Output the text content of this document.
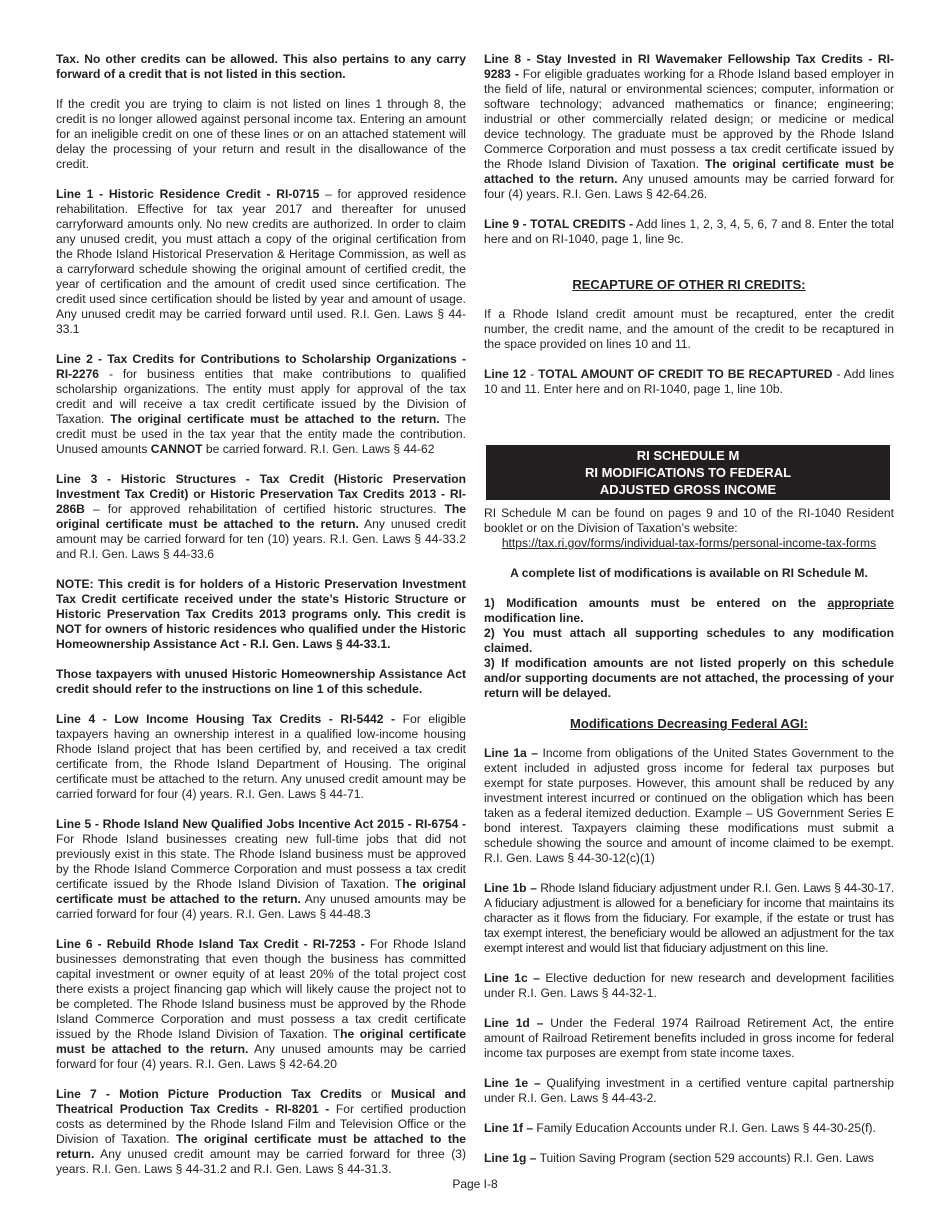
Tax. No other credits can be allowed. This also pertains to any carry forward of a credit that is not listed in this section.
If the credit you are trying to claim is not listed on lines 1 through 8, the credit is no longer allowed against personal income tax. Entering an amount for an ineligible credit on one of these lines or on an attached statement will delay the processing of your return and result in the disallowance of the credit.
Line 1 - Historic Residence Credit - RI-0715 – for approved residence rehabilitation. Effective for tax year 2017 and thereafter for unused carryforward amounts only. No new credits are authorized. In order to claim any unused credit, you must attach a copy of the original certification from the Rhode Island Historical Preservation & Heritage Commission, as well as a carryforward schedule showing the original amount of certified credit, the year of certification and the amount of credit used since certification. The credit used since certification should be listed by year and amount of usage. Any unused credit may be carried forward until used. R.I. Gen. Laws § 44-33.1
Line 2 - Tax Credits for Contributions to Scholarship Organizations - RI-2276 - for business entities that make contributions to qualified scholarship organizations. The entity must apply for approval of the tax credit and will receive a tax credit certificate issued by the Division of Taxation. The original certificate must be attached to the return. The credit must be used in the tax year that the entity made the contribution. Unused amounts CANNOT be carried forward. R.I. Gen. Laws § 44-62
Line 3 - Historic Structures - Tax Credit (Historic Preservation Investment Tax Credit) or Historic Preservation Tax Credits 2013 - RI-286B – for approved rehabilitation of certified historic structures. The original certificate must be attached to the return. Any unused credit amount may be carried forward for ten (10) years. R.I. Gen. Laws § 44-33.2 and R.I. Gen. Laws § 44-33.6
NOTE: This credit is for holders of a Historic Preservation Investment Tax Credit certificate received under the state’s Historic Structure or Historic Preservation Tax Credits 2013 programs only. This credit is NOT for owners of historic residences who qualified under the Historic Homeownership Assistance Act - R.I. Gen. Laws § 44-33.1.
Those taxpayers with unused Historic Homeownership Assistance Act credit should refer to the instructions on line 1 of this schedule.
Line 4 - Low Income Housing Tax Credits - RI-5442 - For eligible taxpayers having an ownership interest in a qualified low-income housing Rhode Island project that has been certified by, and received a tax credit certificate from, the Rhode Island Department of Housing. The original certificate must be attached to the return. Any unused credit amount may be carried forward for four (4) years. R.I. Gen. Laws § 44-71.
Line 5 - Rhode Island New Qualified Jobs Incentive Act 2015 - RI-6754 - For Rhode Island businesses creating new full-time jobs that did not previously exist in this state. The Rhode Island business must be approved by the Rhode Island Commerce Corporation and must possess a tax credit certificate issued by the Rhode Island Division of Taxation. The original certificate must be attached to the return. Any unused amounts may be carried forward for four (4) years. R.I. Gen. Laws § 44-48.3
Line 6 - Rebuild Rhode Island Tax Credit - RI-7253 - For Rhode Island businesses demonstrating that even though the business has committed capital investment or owner equity of at least 20% of the total project cost there exists a project financing gap which will likely cause the project not to be completed. The Rhode Island business must be approved by the Rhode Island Commerce Corporation and must possess a tax credit certificate issued by the Rhode Island Division of Taxation. The original certificate must be attached to the return. Any unused amounts may be carried forward for four (4) years. R.I. Gen. Laws § 42-64.20
Line 7 - Motion Picture Production Tax Credits or Musical and Theatrical Production Tax Credits - RI-8201 - For certified production costs as determined by the Rhode Island Film and Television Office or the Division of Taxation. The original certificate must be attached to the return. Any unused credit amount may be carried forward for three (3) years. R.I. Gen. Laws § 44-31.2 and R.I. Gen. Laws § 44-31.3.
Line 8 - Stay Invested in RI Wavemaker Fellowship Tax Credits - RI-9283 - For eligible graduates working for a Rhode Island based employer in the field of life, natural or environmental sciences; computer, information or software technology; advanced mathematics or finance; engineering; industrial or other commercially related design; or medicine or medical device technology. The graduate must be approved by the Rhode Island Commerce Corporation and must possess a tax credit certificate issued by the Rhode Island Division of Taxation. The original certificate must be attached to the return. Any unused amounts may be carried forward for four (4) years. R.I. Gen. Laws § 42-64.26.
Line 9 - TOTAL CREDITS - Add lines 1, 2, 3, 4, 5, 6, 7 and 8. Enter the total here and on RI-1040, page 1, line 9c.
RECAPTURE OF OTHER RI CREDITS:
If a Rhode Island credit amount must be recaptured, enter the credit number, the credit name, and the amount of the credit to be recaptured in the space provided on lines 10 and 11.
Line 12 - TOTAL AMOUNT OF CREDIT TO BE RECAPTURED - Add lines 10 and 11. Enter here and on RI-1040, page 1, line 10b.
RI SCHEDULE M
RI MODIFICATIONS TO FEDERAL
ADJUSTED GROSS INCOME
RI Schedule M can be found on pages 9 and 10 of the RI-1040 Resident booklet or on the Division of Taxation’s website:
https://tax.ri.gov/forms/individual-tax-forms/personal-income-tax-forms
A complete list of modifications is available on RI Schedule M.
1) Modification amounts must be entered on the appropriate modification line.
2) You must attach all supporting schedules to any modification claimed.
3) If modification amounts are not listed properly on this schedule and/or supporting documents are not attached, the processing of your return will be delayed.
Modifications Decreasing Federal AGI:
Line 1a – Income from obligations of the United States Government to the extent included in adjusted gross income for federal tax purposes but exempt for state purposes. However, this amount shall be reduced by any investment interest incurred or continued on the obligation which has been taken as a federal itemized deduction. Example – US Government Series E bond interest. Taxpayers claiming these modifications must submit a schedule showing the source and amount of income claimed to be exempt. R.I. Gen. Laws § 44-30-12(c)(1)
Line 1b – Rhode Island fiduciary adjustment under R.I. Gen. Laws § 44-30-17. A fiduciary adjustment is allowed for a beneficiary for income that maintains its character as it flows from the fiduciary. For example, if the estate or trust has tax exempt interest, the beneficiary would be allowed an adjustment for the tax exempt interest and would list that fiduciary adjustment on this line.
Line 1c – Elective deduction for new research and development facilities under R.I. Gen. Laws § 44-32-1.
Line 1d – Under the Federal 1974 Railroad Retirement Act, the entire amount of Railroad Retirement benefits included in gross income for federal income tax purposes are exempt from state income taxes.
Line 1e – Qualifying investment in a certified venture capital partnership under R.I. Gen. Laws § 44-43-2.
Line 1f – Family Education Accounts under R.I. Gen. Laws § 44-30-25(f).
Line 1g – Tuition Saving Program (section 529 accounts) R.I. Gen. Laws
Page I-8
